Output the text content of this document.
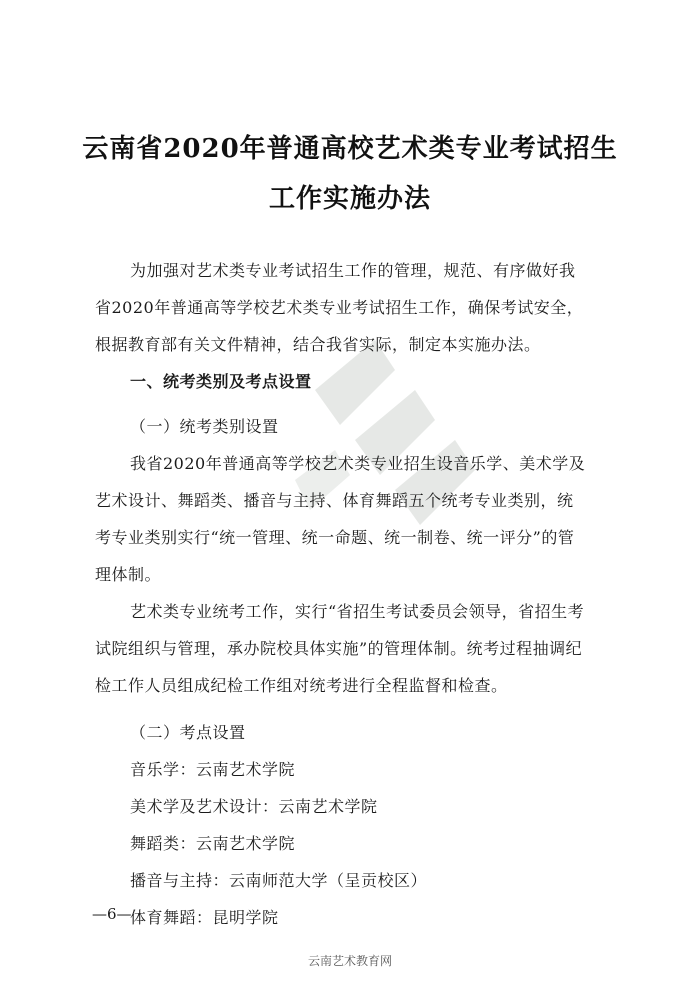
云南省2020年普通高校艺术类专业考试招生
工作实施办法
为加强对艺术类专业考试招生工作的管理，规范、有序做好我
省2020年普通高等学校艺术类专业考试招生工作，确保考试安全，
根据教育部有关文件精神，结合我省实际，制定本实施办法。
一、统考类别及考点设置
（一）统考类别设置
我省2020年普通高等学校艺术类专业招生设音乐学、美术学及
艺术设计、舞蹈类、播音与主持、体育舞蹈五个统考专业类别，统
考专业类别实行“统一管理、统一命题、统一制卷、统一评分”的管
理体制。
艺术类专业统考工作，实行“省招生考试委员会领导，省招生考
试院组织与管理，承办院校具体实施”的管理体制。统考过程抽调纪
检工作人员组成纪检工作组对统考进行全程监督和检查。
（二）考点设置
音乐学：云南艺术学院
美术学及艺术设计：云南艺术学院
舞蹈类：云南艺术学院
播音与主持：云南师范大学（呈贡校区）
体育舞蹈：昆明学院
—6—
云南艺术教育网
